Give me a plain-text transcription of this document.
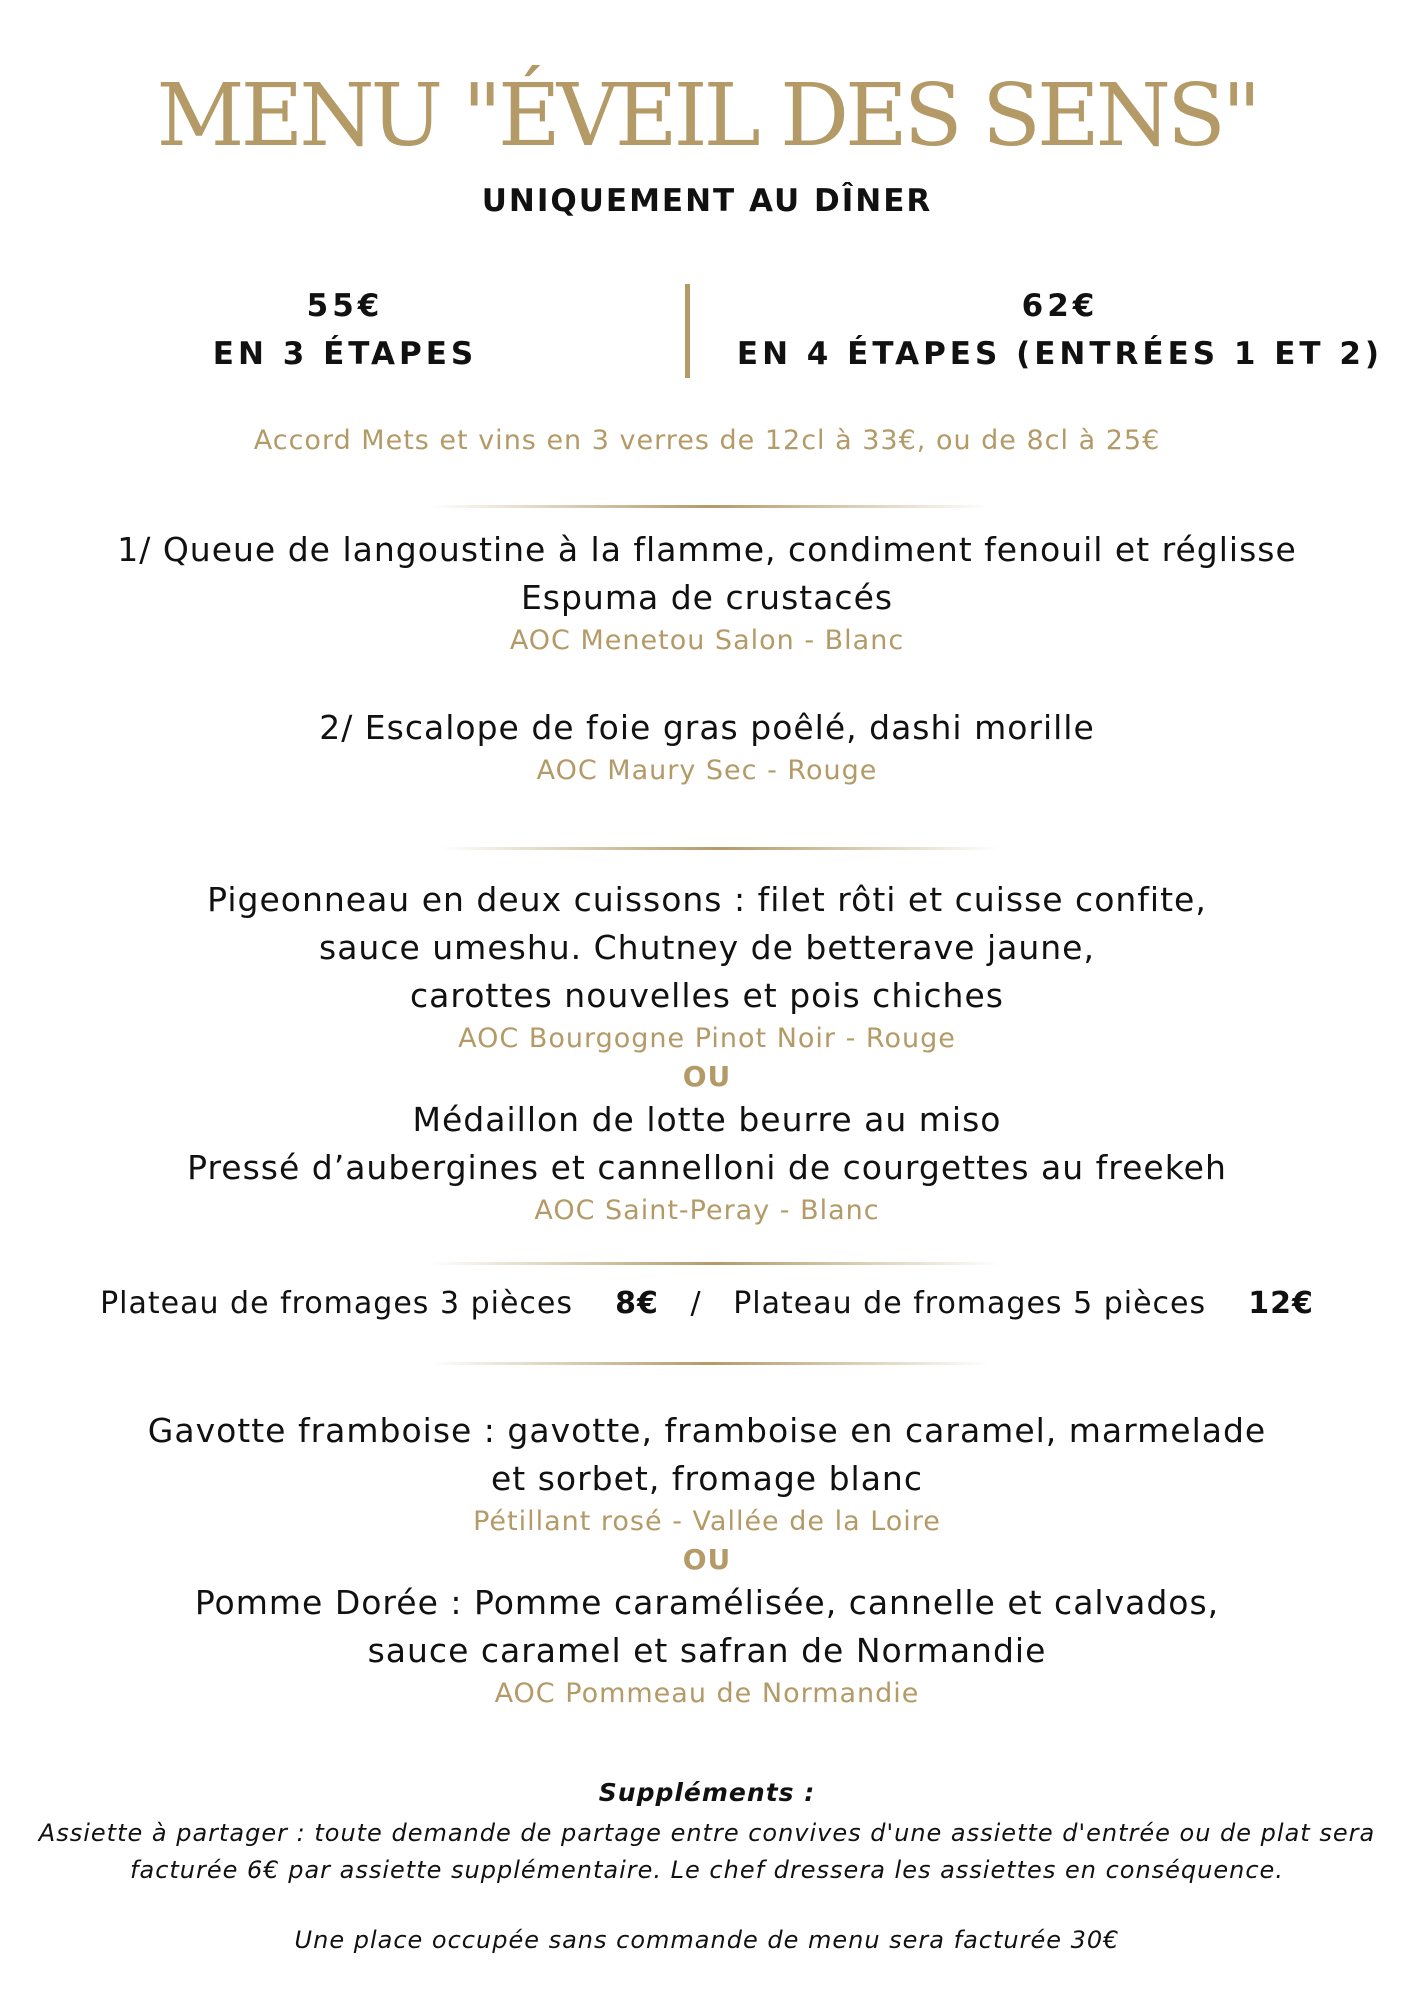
MENU "ÉVEIL DES SENS"
UNIQUEMENT AU DÎNER
55€
EN 3 ÉTAPES
62€
EN 4 ÉTAPES (ENTRÉES 1 ET 2)
Accord Mets et vins en 3 verres de 12cl à 33€, ou de 8cl à 25€
1/ Queue de langoustine à la flamme, condiment fenouil et réglisse
Espuma de crustacés
AOC Menetou Salon - Blanc
2/ Escalope de foie gras poêlé, dashi morille
AOC Maury Sec - Rouge
Pigeonneau en deux cuissons : filet rôti et cuisse confite,
sauce umeshu. Chutney de betterave jaune,
carottes nouvelles et pois chiches
AOC Bourgogne Pinot Noir - Rouge
OU
Médaillon de lotte beurre au miso
Pressé d’aubergines et cannelloni de courgettes au freekeh
AOC Saint-Peray - Blanc
Plateau de fromages 3 pièces 8€ / Plateau de fromages 5 pièces 12€
Gavotte framboise : gavotte, framboise en caramel, marmelade
et sorbet, fromage blanc
Pétillant rosé - Vallée de la Loire
OU
Pomme Dorée : Pomme caramélisée, cannelle et calvados,
sauce caramel et safran de Normandie
AOC Pommeau de Normandie
Suppléments :
Assiette à partager : toute demande de partage entre convives d'une assiette d'entrée ou de plat sera
facturée 6€ par assiette supplémentaire. Le chef dressera les assiettes en conséquence.
Une place occupée sans commande de menu sera facturée 30€
